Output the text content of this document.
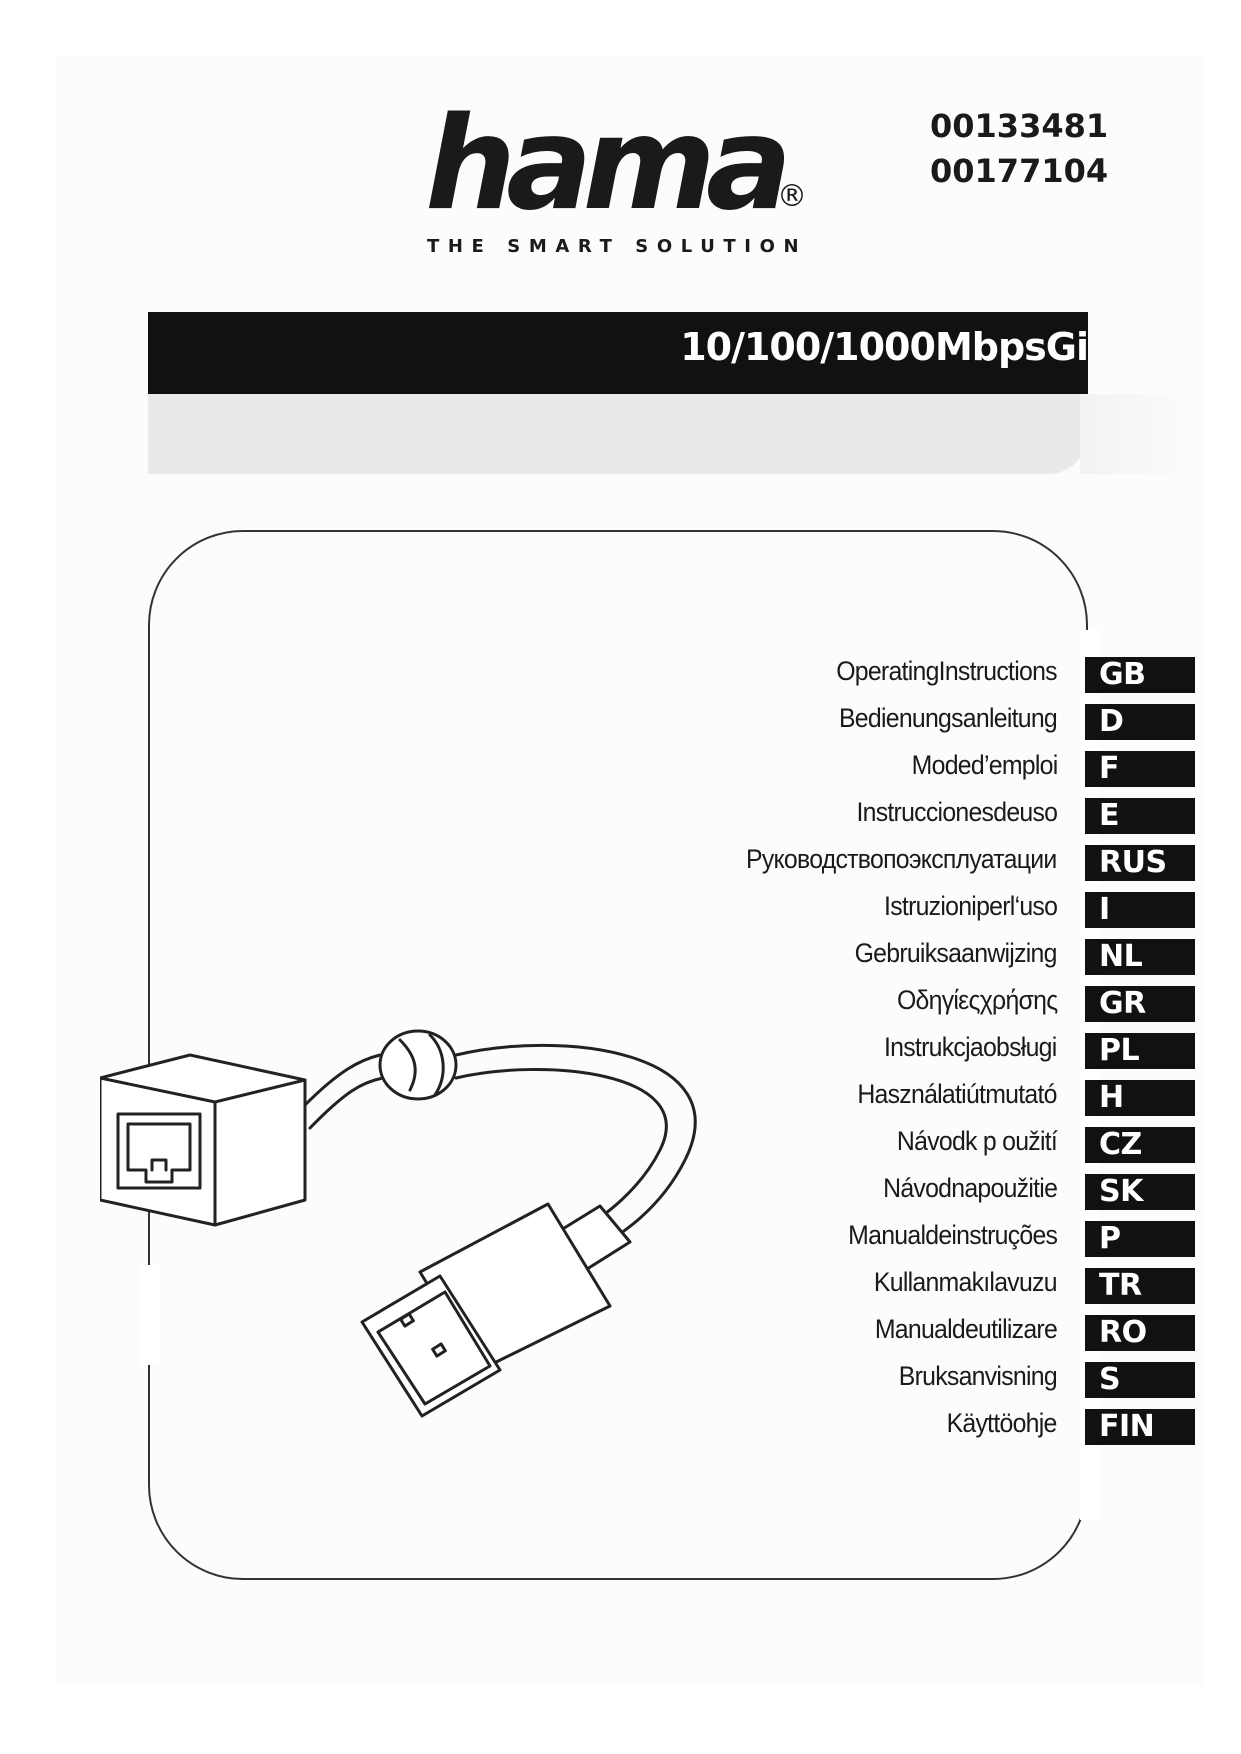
hama
®
THE SMART SOLUTION
00133481
00177104
10/100/1000MbpsGi
OperatingInstructions	GB
Bedienungsanleitung	D
Moded’emploi	F
Instruccionesdeuso	E
Руководствопоэксплуатации	RUS
Istruzioniperl‘uso	I
Gebruiksaanwijzing	NL
Οδηγίεςχρήσης	GR
Instrukcjaobsługi	PL
Használatiútmutató	H
Návodk p oužití	CZ
Návodnapoužitie	SK
Manualdeinstruções	P
Kullanmakılavuzu	TR
Manualdeutilizare	RO
Bruksanvisning	S
Käyttöohje	FIN
